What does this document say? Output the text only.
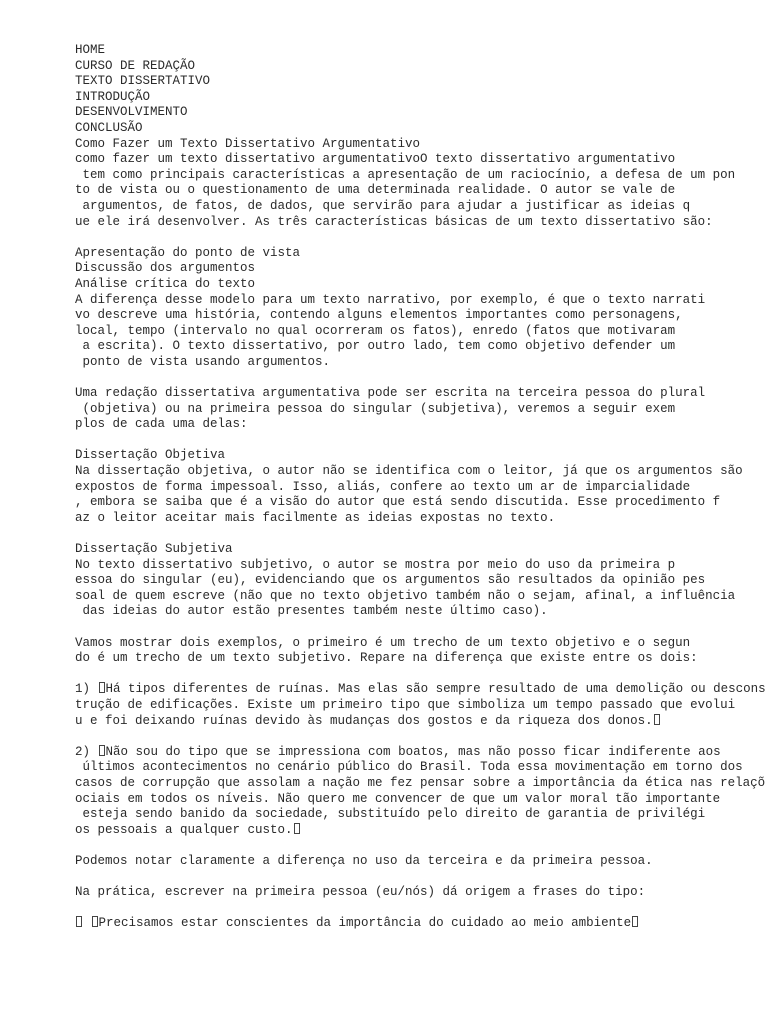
HOME
CURSO DE REDAÇÃO
TEXTO DISSERTATIVO
INTRODUÇÃO
DESENVOLVIMENTO
CONCLUSÃO
Como Fazer um Texto Dissertativo Argumentativo
como fazer um texto dissertativo argumentativoO texto dissertativo argumentativo
tem como principais características a apresentação de um raciocínio, a defesa de um pon
to de vista ou o questionamento de uma determinada realidade. O autor se vale de
argumentos, de fatos, de dados, que servirão para ajudar a justificar as ideias q
ue ele irá desenvolver. As três características básicas de um texto dissertativo são:
Apresentação do ponto de vista
Discussão dos argumentos
Análise crítica do texto
A diferença desse modelo para um texto narrativo, por exemplo, é que o texto narrati
vo descreve uma história, contendo alguns elementos importantes como personagens,
local, tempo (intervalo no qual ocorreram os fatos), enredo (fatos que motivaram
a escrita). O texto dissertativo, por outro lado, tem como objetivo defender um
ponto de vista usando argumentos.
Uma redação dissertativa argumentativa pode ser escrita na terceira pessoa do plural
(objetiva) ou na primeira pessoa do singular (subjetiva), veremos a seguir exem
plos de cada uma delas:
Dissertação Objetiva
Na dissertação objetiva, o autor não se identifica com o leitor, já que os argumentos são
expostos de forma impessoal. Isso, aliás, confere ao texto um ar de imparcialidade
, embora se saiba que é a visão do autor que está sendo discutida. Esse procedimento f
az o leitor aceitar mais facilmente as ideias expostas no texto.
Dissertação Subjetiva
No texto dissertativo subjetivo, o autor se mostra por meio do uso da primeira p
essoa do singular (eu), evidenciando que os argumentos são resultados da opinião pes
soal de quem escreve (não que no texto objetivo também não o sejam, afinal, a influência
das ideias do autor estão presentes também neste último caso).
Vamos mostrar dois exemplos, o primeiro é um trecho de um texto objetivo e o segun
do é um trecho de um texto subjetivo. Repare na diferença que existe entre os dois:
1) Há tipos diferentes de ruínas. Mas elas são sempre resultado de uma demolição ou descons
trução de edificações. Existe um primeiro tipo que simboliza um tempo passado que evolui
u e foi deixando ruínas devido às mudanças dos gostos e da riqueza dos donos.
2) Não sou do tipo que se impressiona com boatos, mas não posso ficar indiferente aos
últimos acontecimentos no cenário público do Brasil. Toda essa movimentação em torno dos
casos de corrupção que assolam a nação me fez pensar sobre a importância da ética nas relaçõ
ociais em todos os níveis. Não quero me convencer de que um valor moral tão importante
esteja sendo banido da sociedade, substituído pelo direito de garantia de privilégi
os pessoais a qualquer custo.
Podemos notar claramente a diferença no uso da terceira e da primeira pessoa.
Na prática, escrever na primeira pessoa (eu/nós) dá origem a frases do tipo:
Precisamos estar conscientes da importância do cuidado ao meio ambiente
